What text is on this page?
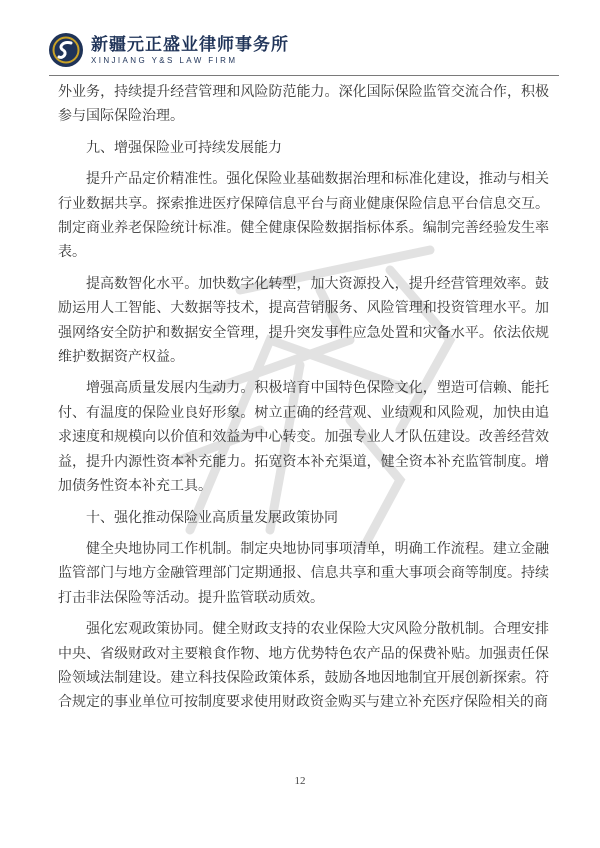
新疆元正盛业律师事务所
XINJIANG Y&S LAW FIRM

外业务，持续提升经营管理和风险防范能力。深化国际保险监管交流合作，积极参与国际保险治理。

九、增强保险业可持续发展能力

提升产品定价精准性。强化保险业基础数据治理和标准化建设，推动与相关行业数据共享。探索推进医疗保障信息平台与商业健康保险信息平台信息交互。制定商业养老保险统计标准。健全健康保险数据指标体系。编制完善经验发生率表。

提高数智化水平。加快数字化转型，加大资源投入，提升经营管理效率。鼓励运用人工智能、大数据等技术，提高营销服务、风险管理和投资管理水平。加强网络安全防护和数据安全管理，提升突发事件应急处置和灾备水平。依法依规维护数据资产权益。

增强高质量发展内生动力。积极培育中国特色保险文化，塑造可信赖、能托付、有温度的保险业良好形象。树立正确的经营观、业绩观和风险观，加快由追求速度和规模向以价值和效益为中心转变。加强专业人才队伍建设。改善经营效益，提升内源性资本补充能力。拓宽资本补充渠道，健全资本补充监管制度。增加债务性资本补充工具。

十、强化推动保险业高质量发展政策协同

健全央地协同工作机制。制定央地协同事项清单，明确工作流程。建立金融监管部门与地方金融管理部门定期通报、信息共享和重大事项会商等制度。持续打击非法保险等活动。提升监管联动质效。

强化宏观政策协同。健全财政支持的农业保险大灾风险分散机制。合理安排中央、省级财政对主要粮食作物、地方优势特色农产品的保费补贴。加强责任保险领域法制建设。建立科技保险政策体系，鼓励各地因地制宜开展创新探索。符合规定的事业单位可按制度要求使用财政资金购买与建立补充医疗保险相关的商

12
